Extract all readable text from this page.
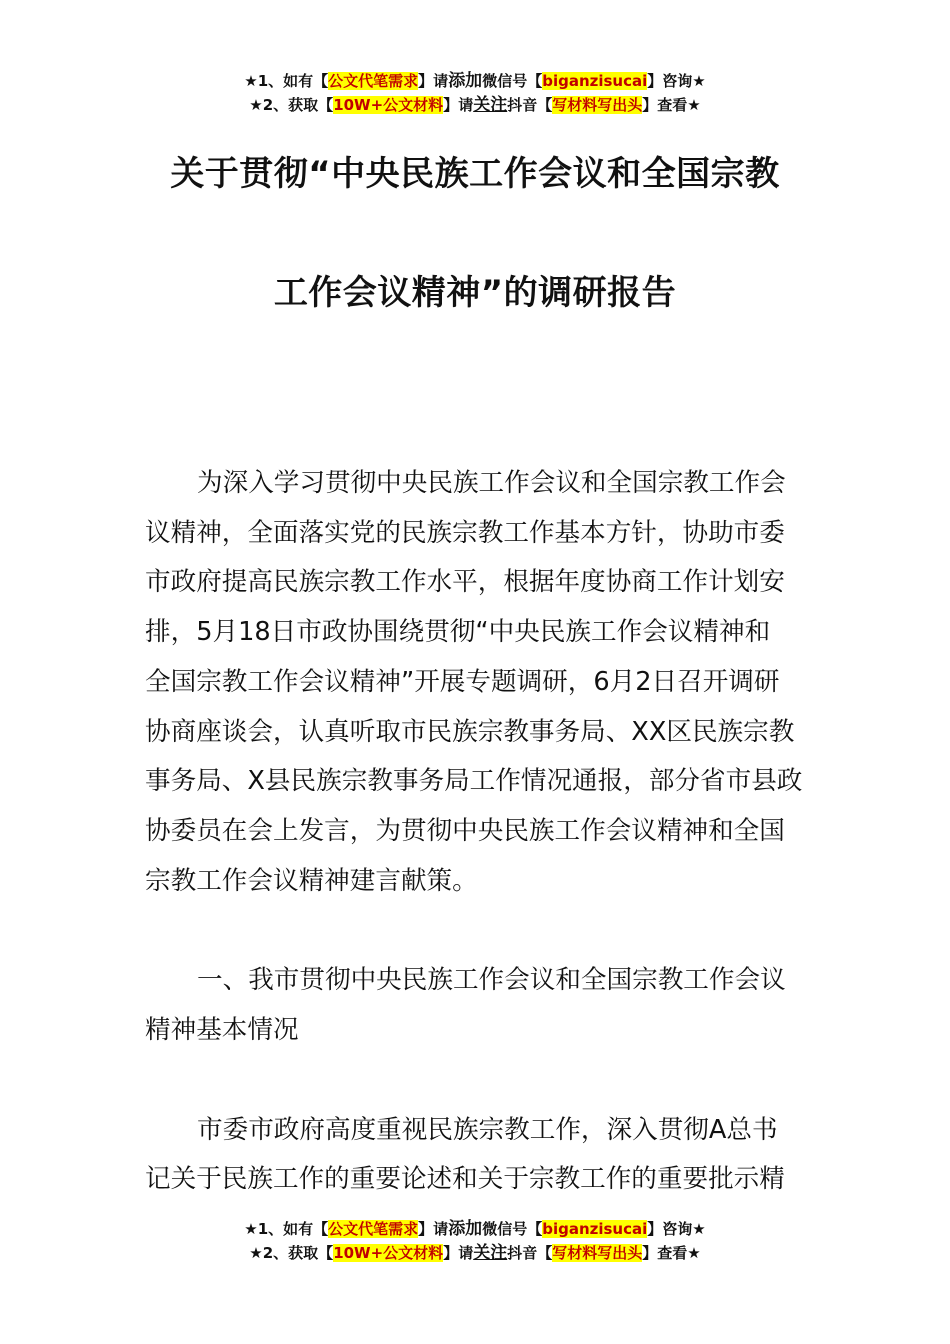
★1、如有【公文代笔需求】请添加微信号【biganzisucai】咨询★
★2、获取【10W+公文材料】请关注抖音【写材料写出头】查看★
关于贯彻“中央民族工作会议和全国宗教
工作会议精神”的调研报告
为深入学习贯彻中央民族工作会议和全国宗教工作会
议精神，全面落实党的民族宗教工作基本方针，协助市委
市政府提高民族宗教工作水平，根据年度协商工作计划安
排，5月18日市政协围绕贯彻“中央民族工作会议精神和
全国宗教工作会议精神”开展专题调研，6月2日召开调研
协商座谈会，认真听取市民族宗教事务局、XX区民族宗教
事务局、X县民族宗教事务局工作情况通报，部分省市县政
协委员在会上发言，为贯彻中央民族工作会议精神和全国
宗教工作会议精神建言献策。
一、我市贯彻中央民族工作会议和全国宗教工作会议
精神基本情况
市委市政府高度重视民族宗教工作，深入贯彻A总书
记关于民族工作的重要论述和关于宗教工作的重要批示精
★1、如有【公文代笔需求】请添加微信号【biganzisucai】咨询★
★2、获取【10W+公文材料】请关注抖音【写材料写出头】查看★
